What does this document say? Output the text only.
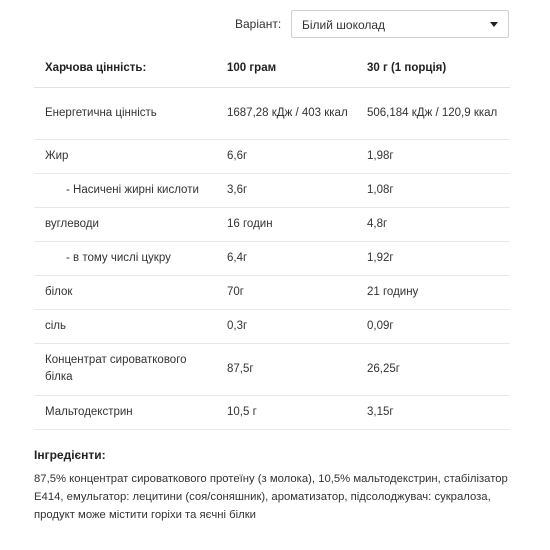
Варіант: Білий шоколад
Харчова цінність:	100 грам	30 г (1 порція)
Енергетична цінність	1687,28 кДж / 403 ккал	506,184 кДж / 120,9 ккал
Жир	6,6г	1,98г
- Насичені жирні кислоти	3,6г	1,08г
вуглеводи	16 годин	4,8г
- в тому числі цукру	6,4г	1,92г
білок	70г	21 годину
сіль	0,3г	0,09г
Концентрат сироваткового білка	87,5г	26,25г
Мальтодекстрин	10,5 г	3,15г
Інгредієнти:

87,5% концентрат сироваткового протеїну (з молока), 10,5% мальтодекстрин, стабілізатор E414, емульгатор: лецитини (соя/соняшник), ароматизатор, підсолоджувач: сукралоза, продукт може містити горіхи та яєчні білки
